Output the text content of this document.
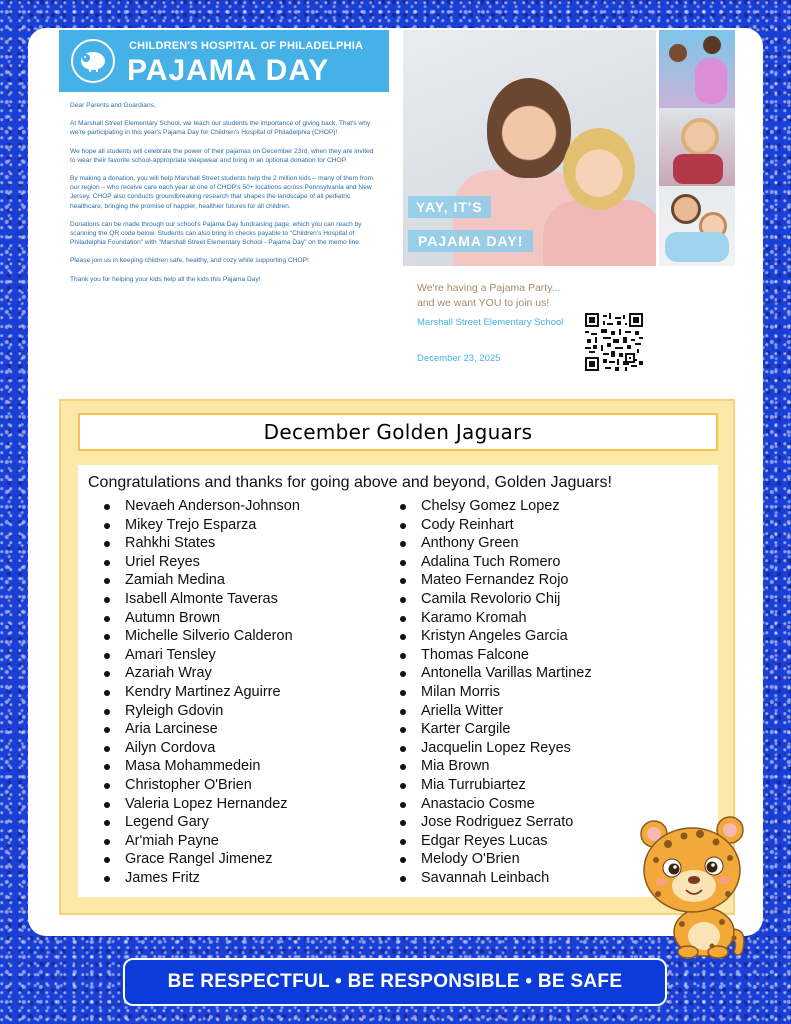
CHILDREN'S HOSPITAL OF PHILADELPHIA
PAJAMA DAY

Dear Parents and Guardians,

At Marshall Street Elementary School, we teach our students the importance of giving back. That's why we're participating in this year's Pajama Day for Children's Hospital of Philadelphia (CHOP)!

We hope all students will celebrate the power of their pajamas on December 23rd, when they are invited to wear their favorite school-appropriate sleepwear and bring in an optional donation for CHOP.

By making a donation, you will help Marshall Street students help the 2 million kids – many of them from our region – who receive care each year at one of CHOP's 50+ locations across Pennsylvania and New Jersey. CHOP also conducts groundbreaking research that shapes the landscape of all pediatric healthcare, bringing the promise of happier, healthier futures for all children.

Donations can be made through our school's Pajama Day fundraising page, which you can reach by scanning the QR code below. Students can also bring in checks payable to "Children's Hospital of Philadelphia Foundation" with "Marshall Street Elementary School - Pajama Day" on the memo line.

Please join us in keeping children safe, healthy, and cozy while supporting CHOP!

Thank you for helping your kids help all the kids this Pajama Day!

YAY, IT'S
PAJAMA DAY!
We're having a Pajama Party...
and we want YOU to join us!
Marshall Street Elementary School
December 23, 2025
December Golden Jaguars
Congratulations and thanks for going above and beyond, Golden Jaguars!
Nevaeh Anderson-Johnson
Mikey Trejo Esparza
Rahkhi States
Uriel Reyes
Zamiah Medina
Isabell Almonte Taveras
Autumn Brown
Michelle Silverio Calderon
Amari Tensley
Azariah Wray
Kendry Martinez Aguirre
Ryleigh Gdovin
Aria Larcinese
Ailyn Cordova
Masa Mohammedein
Christopher O'Brien
Valeria Lopez Hernandez
Legend Gary
Ar'miah Payne
Grace Rangel Jimenez
James Fritz
Chelsy Gomez Lopez
Cody Reinhart
Anthony Green
Adalina Tuch Romero
Mateo Fernandez Rojo
Camila Revolorio Chij
Karamo Kromah
Kristyn Angeles Garcia
Thomas Falcone
Antonella Varillas Martinez
Milan Morris
Ariella Witter
Karter Cargile
Jacquelin Lopez Reyes
Mia Brown
Mia Turrubiartez
Anastacio Cosme
Jose Rodriguez Serrato
Edgar Reyes Lucas
Melody O'Brien
Savannah Leinbach
BE RESPECTFUL • BE RESPONSIBLE • BE SAFE
